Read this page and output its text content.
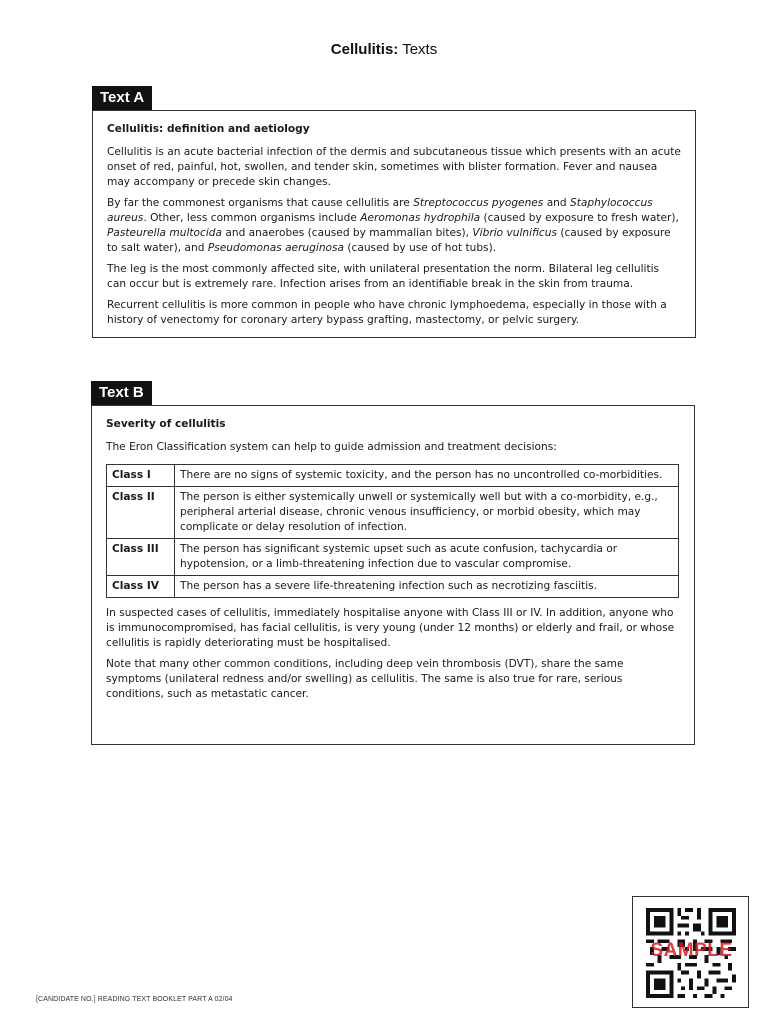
Cellulitis: Texts
Text A

Cellulitis: definition and aetiology

Cellulitis is an acute bacterial infection of the dermis and subcutaneous tissue which presents with an acute onset of red, painful, hot, swollen, and tender skin, sometimes with blister formation. Fever and nausea may accompany or precede skin changes.

By far the commonest organisms that cause cellulitis are Streptococcus pyogenes and Staphylococcus aureus. Other, less common organisms include Aeromonas hydrophila (caused by exposure to fresh water), Pasteurella multocida and anaerobes (caused by mammalian bites), Vibrio vulnificus (caused by exposure to salt water), and Pseudomonas aeruginosa (caused by use of hot tubs).

The leg is the most commonly affected site, with unilateral presentation the norm. Bilateral leg cellulitis can occur but is extremely rare. Infection arises from an identifiable break in the skin from trauma.

Recurrent cellulitis is more common in people who have chronic lymphoedema, especially in those with a history of venectomy for coronary artery bypass grafting, mastectomy, or pelvic surgery.

Text B

Severity of cellulitis

The Eron Classification system can help to guide admission and treatment decisions:

Class I	There are no signs of systemic toxicity, and the person has no uncontrolled co-morbidities.
Class II	The person is either systemically unwell or systemically well but with a co-morbidity, e.g., peripheral arterial disease, chronic venous insufficiency, or morbid obesity, which may complicate or delay resolution of infection.
Class III	The person has significant systemic upset such as acute confusion, tachycardia or hypotension, or a limb-threatening infection due to vascular compromise.
Class IV	The person has a severe life-threatening infection such as necrotizing fasciitis.

In suspected cases of cellulitis, immediately hospitalise anyone with Class III or IV. In addition, anyone who is immunocompromised, has facial cellulitis, is very young (under 12 months) or elderly and frail, or whose cellulitis is rapidly deteriorating must be hospitalised.

Note that many other common conditions, including deep vein thrombosis (DVT), share the same symptoms (unilateral redness and/or swelling) as cellulitis. The same is also true for rare, serious conditions, such as metastatic cancer.

SAMPLE
[CANDIDATE NO.] READING TEXT BOOKLET PART A 02/04
